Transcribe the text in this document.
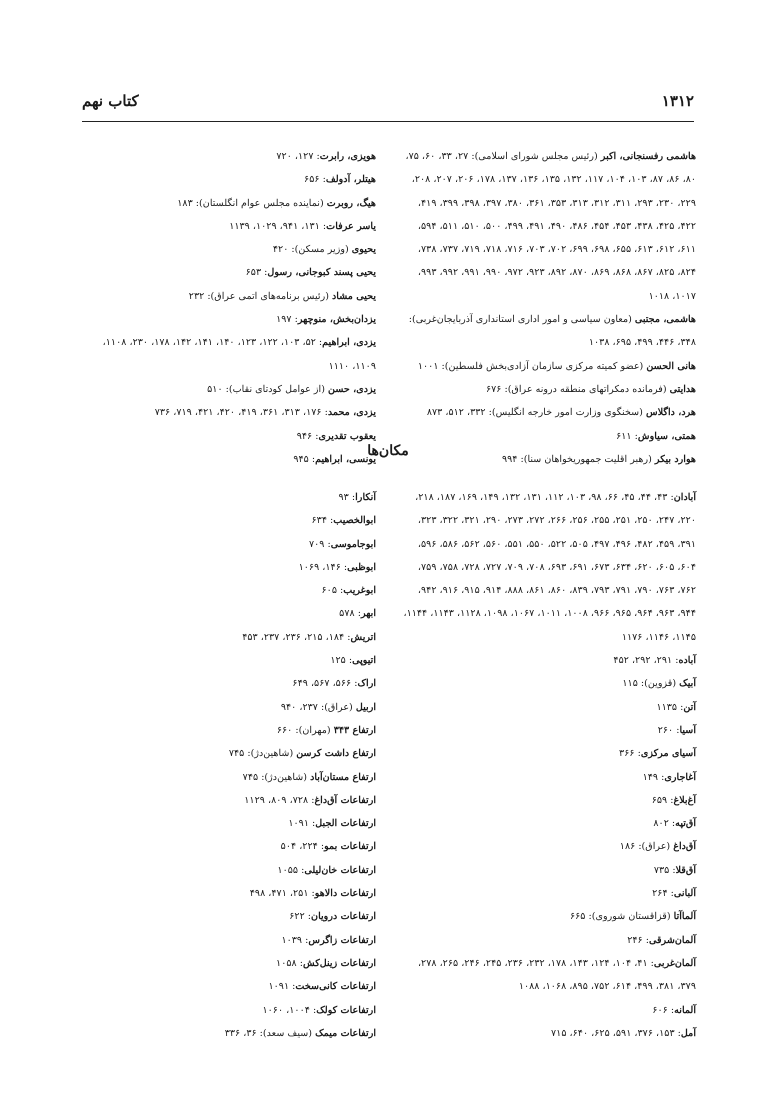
۱۳۱۲
کتاب نهم
هاشمی رفسنجانی، اکبر (رئیس مجلس شورای اسلامی): ۲۷، ۳۳، ۶۰، ۷۵، ۸۰، ۸۶، ۸۷، ۱۰۳، ۱۰۴، ۱۱۷، ۱۳۲، ۱۳۵، ۱۳۶، ۱۳۷، ۱۷۸، ۲۰۶، ۲۰۷، ۲۰۸، ۲۲۹، ۲۳۰، ۲۹۳، ۳۱۱، ۳۱۲، ۳۱۳، ۳۵۳، ۳۶۱، ۳۸۰، ۳۹۷، ۳۹۸، ۳۹۹، ۴۱۹، ۴۲۲، ۴۲۵، ۴۳۸، ۴۵۳، ۴۵۴، ۴۸۶، ۴۹۰، ۴۹۱، ۴۹۹، ۵۰۰، ۵۱۰، ۵۱۱، ۵۹۴، ۶۱۱، ۶۱۲، ۶۱۳، ۶۵۵، ۶۹۸، ۶۹۹، ۷۰۲، ۷۰۳، ۷۱۶، ۷۱۸، ۷۱۹، ۷۳۷، ۷۳۸، ۸۲۴، ۸۲۵، ۸۶۷، ۸۶۸، ۸۶۹، ۸۷۰، ۸۹۲، ۹۲۳، ۹۷۲، ۹۹۰، ۹۹۱، ۹۹۲، ۹۹۳، ۱۰۱۷، ۱۰۱۸
هاشمی، مجتبی (معاون سیاسی و امور اداری استانداری آذربایجان‌غربی): ۳۴۸، ۴۴۶، ۴۹۹، ۶۹۵، ۱۰۳۸
هانی الحسن (عضو کمیته مرکزی سازمان آزادی‌بخش فلسطین): ۱۰۰۱
هدایتی (فرمانده دمکراتهای منطقه درونه عراق): ۶۷۶
هرد، داگلاس (سخنگوی وزارت امور خارجه انگلیس): ۳۳۲، ۵۱۲، ۸۷۳
همتی، سیاوش: ۶۱۱
هوارد بیکر (رهبر اقلیت جمهوریخواهان سنا): ۹۹۴
هویزی، رابرت: ۱۲۷، ۷۲۰
هیتلر، آدولف: ۶۵۶
هیگ، روبرت (نماینده مجلس عوام انگلستان): ۱۸۳
یاسر عرفات: ۱۳۱، ۹۴۱، ۱۰۲۹، ۱۱۳۹
یحیوی (وزیر مسکن): ۴۲۰
یحیی پسند کبوجانی، رسول: ۶۵۳
یحیی مشاد (رئیس برنامه‌های اتمی عراق): ۲۳۲
یزدان‌بخش، منوچهر: ۱۹۷
یزدی، ابراهیم: ۵۲، ۱۰۳، ۱۲۲، ۱۲۳، ۱۴۰، ۱۴۱، ۱۴۲، ۱۷۸، ۲۳۰، ۱۱۰۸، ۱۱۰۹، ۱۱۱۰
یزدی، حسن (از عوامل کودتای نقاب): ۵۱۰
یزدی، محمد: ۱۷۶، ۳۱۳، ۳۶۱، ۴۱۹، ۴۲۰، ۴۲۱، ۷۱۹، ۷۳۶
یعقوب تقدیری: ۹۴۶
یونسی، ابراهیم: ۹۴۵
مکان‌ها
آبادان: ۴۳، ۴۴، ۴۵، ۶۶، ۹۸، ۱۰۳، ۱۱۲، ۱۳۱، ۱۳۲، ۱۴۹، ۱۶۹، ۱۸۷، ۲۱۸، ۲۲۰، ۲۴۷، ۲۵۰، ۲۵۱، ۲۵۵، ۲۵۶، ۲۶۶، ۲۷۲، ۲۷۳، ۲۹۰، ۳۲۱، ۳۲۲، ۳۲۳، ۳۹۱، ۴۵۹، ۴۸۲، ۴۹۶، ۴۹۷، ۵۰۵، ۵۲۲، ۵۵۰، ۵۵۱، ۵۶۰، ۵۶۲، ۵۸۶، ۵۹۶، ۶۰۴، ۶۰۵، ۶۲۰، ۶۳۴، ۶۷۳، ۶۹۱، ۶۹۳، ۷۰۸، ۷۰۹، ۷۲۷، ۷۲۸، ۷۵۸، ۷۵۹، ۷۶۲، ۷۶۳، ۷۹۰، ۷۹۱، ۷۹۳، ۸۳۹، ۸۶۰، ۸۶۱، ۸۸۸، ۹۱۴، ۹۱۵، ۹۱۶، ۹۴۲، ۹۴۴، ۹۶۳، ۹۶۴، ۹۶۵، ۹۶۶، ۱۰۰۸، ۱۰۱۱، ۱۰۶۷، ۱۰۹۸، ۱۱۲۸، ۱۱۴۳، ۱۱۴۴، ۱۱۴۵، ۱۱۴۶، ۱۱۷۶
آباده: ۲۹۱، ۲۹۲، ۴۵۲
آبیک (قزوین): ۱۱۵
آتن: ۱۱۳۵
آسیا: ۲۶۰
آسیای مرکزی: ۳۶۶
آغاجاری: ۱۴۹
آغ‌بلاغ: ۶۵۹
آق‌تپه: ۸۰۲
آق‌داغ (عراق): ۱۸۶
آق‌قلا: ۷۳۵
آلبانی: ۲۶۴
آلماآتا (قزاقستان شوروی): ۶۶۵
آلمان‌شرقی: ۲۴۶
آلمان‌غربی: ۴۱، ۱۰۴، ۱۲۴، ۱۴۳، ۱۷۸، ۲۳۲، ۲۳۶، ۲۴۵، ۲۴۶، ۲۶۵، ۲۷۸، ۳۷۹، ۳۸۱، ۴۹۹، ۶۱۴، ۷۵۲، ۸۹۵، ۱۰۶۸، ۱۰۸۸
آلمانه: ۶۰۶
آمل: ۱۵۳، ۳۷۶، ۵۹۱، ۶۲۵، ۶۴۰، ۷۱۵
آنکارا: ۹۳
ابوالخصیب: ۶۳۴
ابوجاموسی: ۷۰۹
ابوظبی: ۱۴۶، ۱۰۶۹
ابوغریب: ۶۰۵
ابهر: ۵۷۸
اتریش: ۱۸۴، ۲۱۵، ۲۳۶، ۲۳۷، ۴۵۳
اتیوپی: ۱۲۵
اراک: ۵۶۶، ۵۶۷، ۶۴۹
اربیل (عراق): ۲۳۷، ۹۴۰
ارتفاع ۳۴۳ (مهران): ۶۶۰
ارتفاع داشت کرسن (شاهین‌دژ): ۷۴۵
ارتفاع مستان‌آباد (شاهین‌دژ): ۷۴۵
ارتفاعات آق‌داغ: ۷۲۸، ۸۰۹، ۱۱۲۹
ارتفاعات الجبل: ۱۰۹۱
ارتفاعات بمو: ۲۲۴، ۵۰۴
ارتفاعات خان‌لیلی: ۱۰۵۵
ارتفاعات دالاهو: ۲۵۱، ۴۷۱، ۴۹۸
ارتفاعات درویان: ۶۲۲
ارتفاعات زاگرس: ۱۰۳۹
ارتفاعات زینل‌کش: ۱۰۵۸
ارتفاعات کانی‌سخت: ۱۰۹۱
ارتفاعات کولک: ۱۰۰۴، ۱۰۶۰
ارتفاعات میمک (سیف سعد): ۳۶، ۳۳۶
